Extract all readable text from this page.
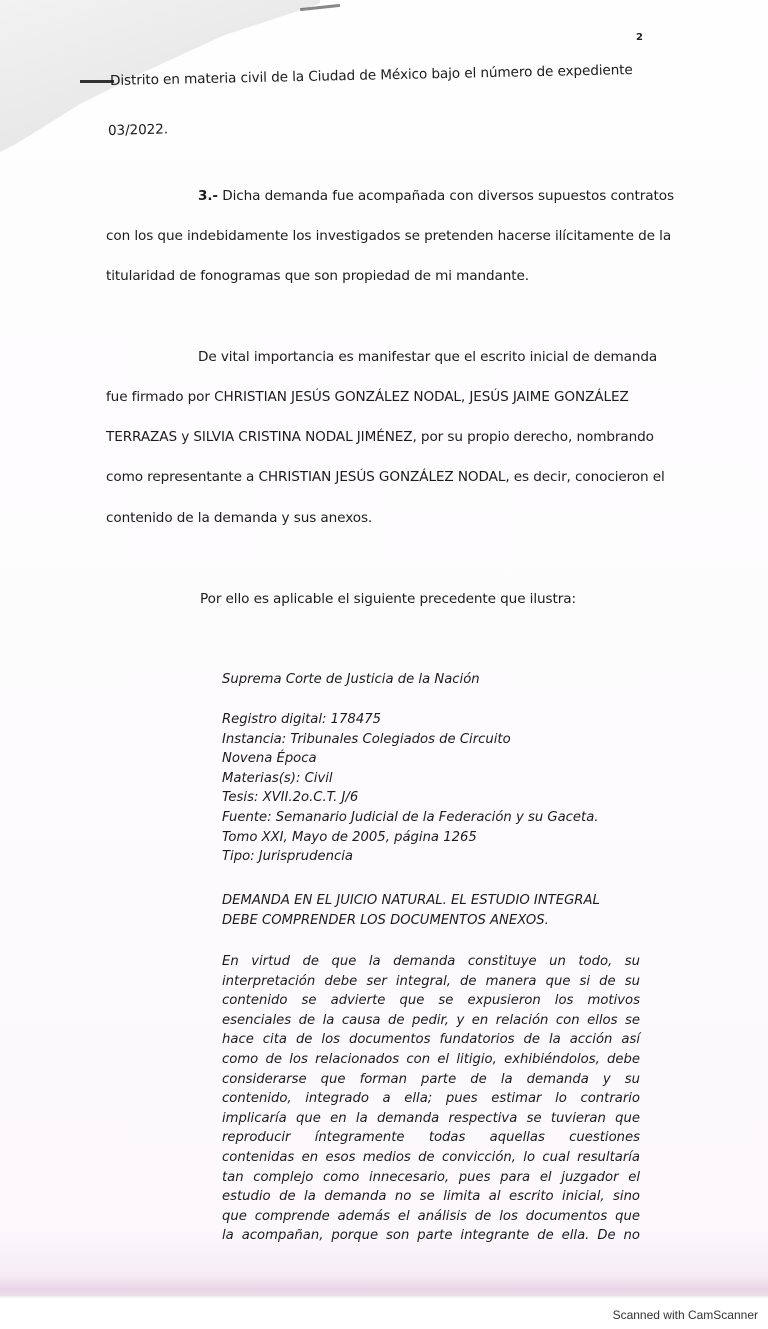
2
Distrito en materia civil de la Ciudad de México bajo el número de expediente
03/2022.
3.- Dicha demanda fue acompañada con diversos supuestos contratos
con los que indebidamente los investigados se pretenden hacerse ilícitamente de la
titularidad de fonogramas que son propiedad de mi mandante.
De vital importancia es manifestar que el escrito inicial de demanda
fue firmado por CHRISTIAN JESÚS GONZÁLEZ NODAL, JESÚS JAIME GONZÁLEZ
TERRAZAS y SILVIA CRISTINA NODAL JIMÉNEZ, por su propio derecho, nombrando
como representante a CHRISTIAN JESÚS GONZÁLEZ NODAL, es decir, conocieron el
contenido de la demanda y sus anexos.
Por ello es aplicable el siguiente precedente que ilustra:
Suprema Corte de Justicia de la Nación
Registro digital: 178475
Instancia: Tribunales Colegiados de Circuito
Novena Época
Materias(s): Civil
Tesis: XVII.2o.C.T. J/6
Fuente: Semanario Judicial de la Federación y su Gaceta.
Tomo XXI, Mayo de 2005, página 1265
Tipo: Jurisprudencia
DEMANDA EN EL JUICIO NATURAL. EL ESTUDIO INTEGRAL
DEBE COMPRENDER LOS DOCUMENTOS ANEXOS.
En virtud de que la demanda constituye un todo, su
interpretación debe ser integral, de manera que si de su
contenido se advierte que se expusieron los motivos
esenciales de la causa de pedir, y en relación con ellos se
hace cita de los documentos fundatorios de la acción así
como de los relacionados con el litigio, exhibiéndolos, debe
considerarse que forman parte de la demanda y su
contenido, integrado a ella; pues estimar lo contrario
implicaría que en la demanda respectiva se tuvieran que
reproducir íntegramente todas aquellas cuestiones
contenidas en esos medios de convicción, lo cual resultaría
tan complejo como innecesario, pues para el juzgador el
estudio de la demanda no se limita al escrito inicial, sino
que comprende además el análisis de los documentos que
la acompañan, porque son parte integrante de ella. De no
Scanned with CamScanner
